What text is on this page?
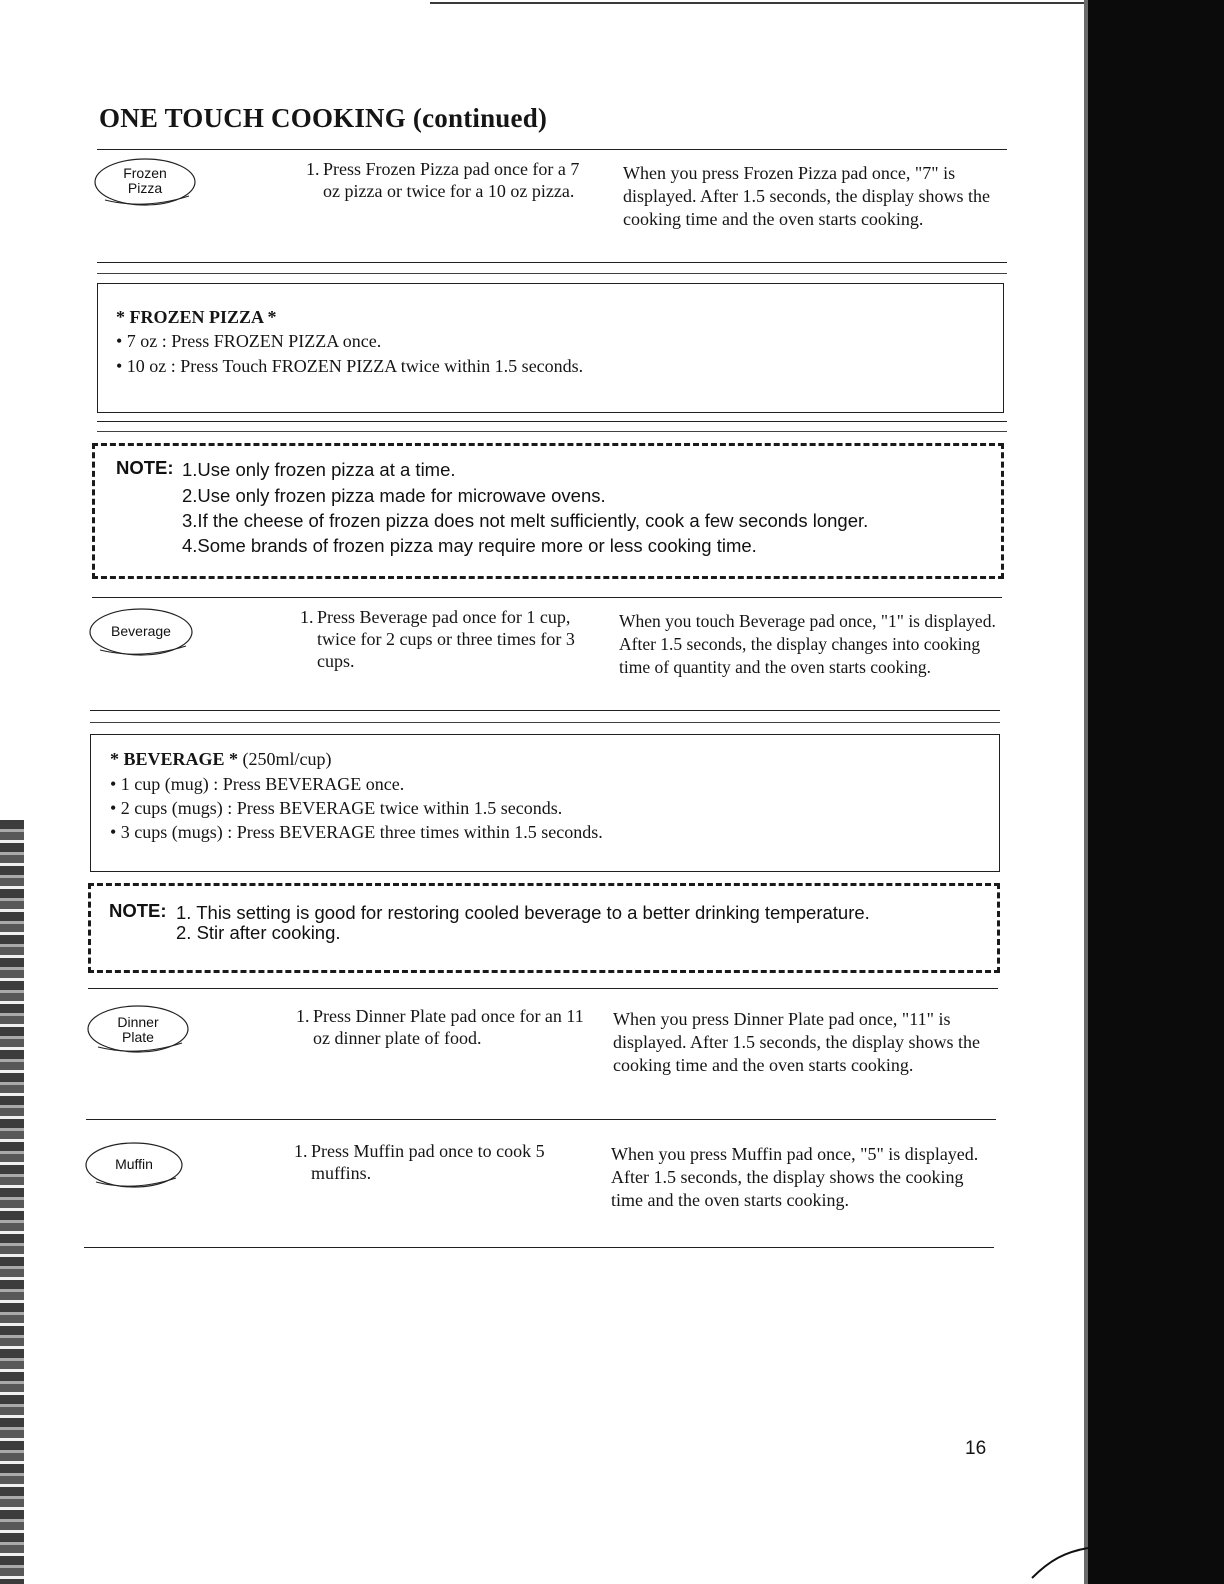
ONE TOUCH COOKING (continued)
Frozen
Pizza
1. Press Frozen Pizza pad once for a 7 oz pizza or twice for a 10 oz pizza.
When you press Frozen Pizza pad once, "7" is displayed. After 1.5 seconds, the display shows the cooking time and the oven starts cooking.
* FROZEN PIZZA *
• 7 oz : Press FROZEN PIZZA once.
• 10 oz : Press Touch FROZEN PIZZA twice within 1.5 seconds.
NOTE: 1.Use only frozen pizza at a time.
2.Use only frozen pizza made for microwave ovens.
3.If the cheese of frozen pizza does not melt sufficiently, cook a few seconds longer.
4.Some brands of frozen pizza may require more or less cooking time.
Beverage
1. Press Beverage pad once for 1 cup, twice for 2 cups or three times for 3 cups.
When you touch Beverage pad once, "1" is displayed. After 1.5 seconds, the display changes into cooking time of quantity and the oven starts cooking.
* BEVERAGE * (250ml/cup)
• 1 cup (mug) : Press BEVERAGE once.
• 2 cups (mugs) : Press BEVERAGE twice within 1.5 seconds.
• 3 cups (mugs) : Press BEVERAGE three times within 1.5 seconds.
NOTE: 1. This setting is good for restoring cooled beverage to a better drinking temperature.
2. Stir after cooking.
Dinner
Plate
1. Press Dinner Plate pad once for an 11 oz dinner plate of food.
When you press Dinner Plate pad once, "11" is displayed. After 1.5 seconds, the display shows the cooking time and the oven starts cooking.
Muffin
1. Press Muffin pad once to cook 5 muffins.
When you press Muffin pad once, "5" is displayed. After 1.5 seconds, the display shows the cooking time and the oven starts cooking.
16
